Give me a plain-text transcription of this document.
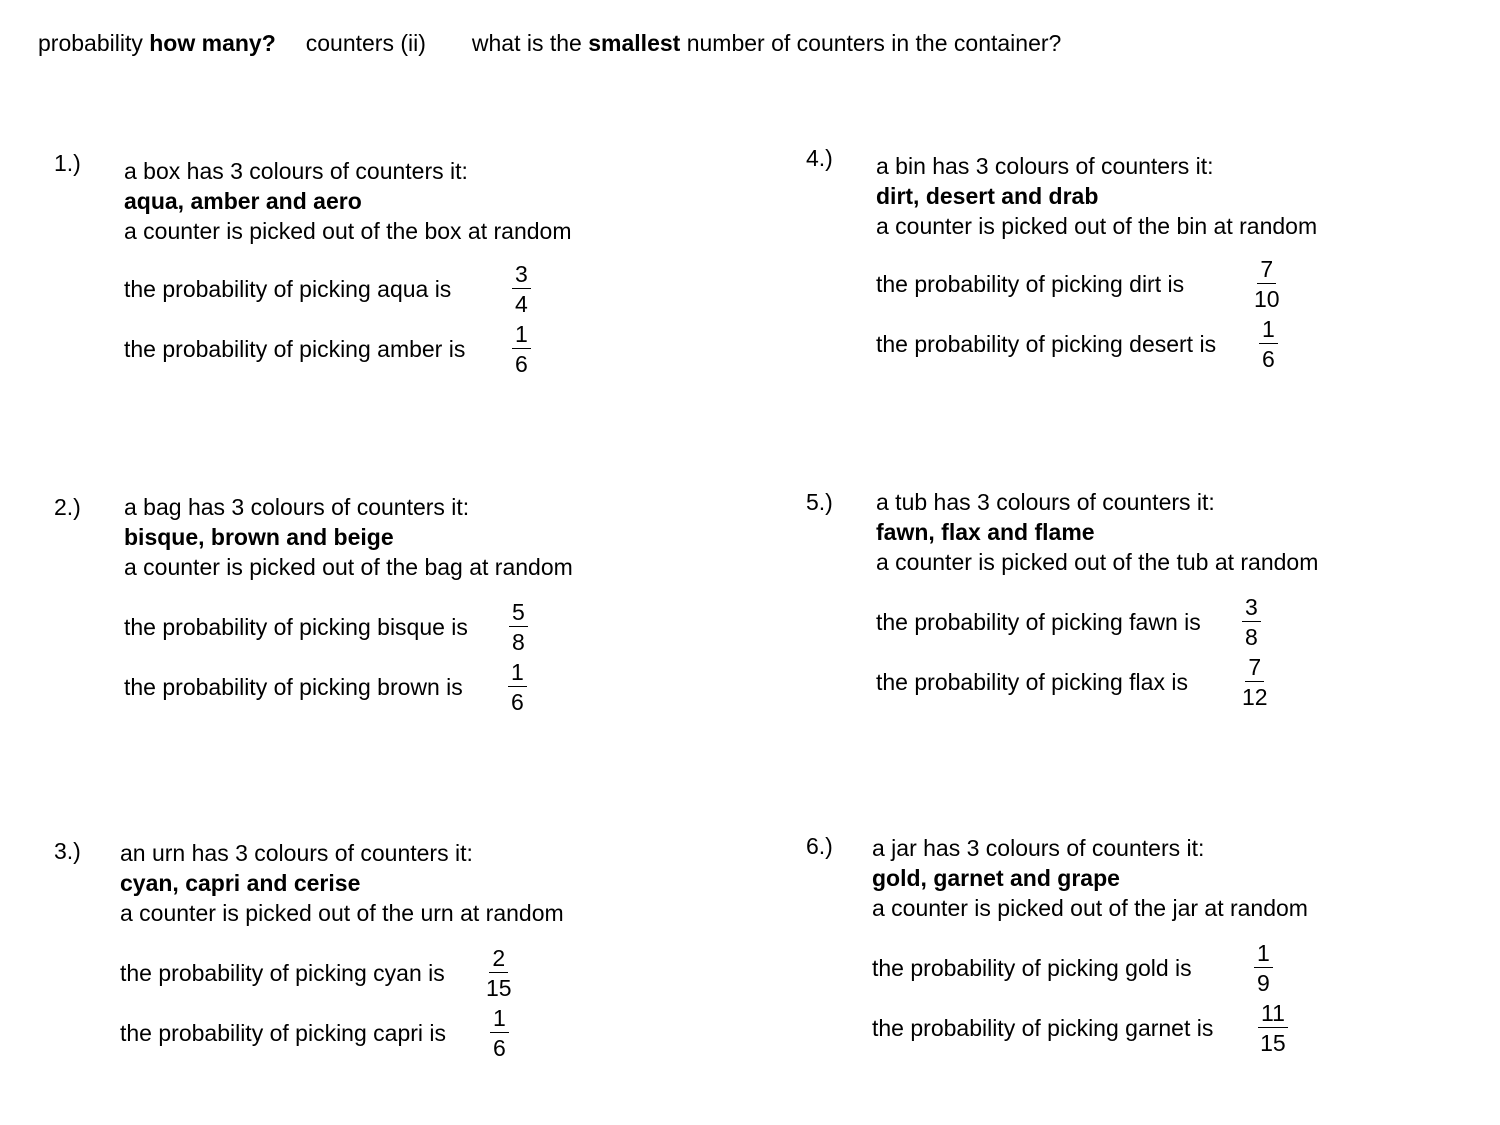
probability how many? counters (ii) what is the smallest number of counters in the container?
1.) a box has 3 colours of counters it:
aqua, amber and aero
a counter is picked out of the box at random
the probability of picking aqua is	$\frac{3}{4}$
the probability of picking amber is $\frac{1}{6}$
2.) a bag has 3 colours of counters it:
bisque, brown and beige
a counter is picked out of the bag at random
the probability of picking bisque is $\frac{5}{8}$
the probability of picking brown is $\frac{1}{6}$
3.) an urn has 3 colours of counters it:
cyan, capri and cerise
a counter is picked out of the urn at random
the probability of picking cyan is $\frac{2}{15}$
the probability of picking capri is $\frac{1}{6}$
4.) a bin has 3 colours of counters it:
dirt, desert and drab
a counter is picked out of the bin at random
the probability of picking dirt is	$\frac{7}{10}$
the probability of picking desert is $\frac{1}{6}$
5.) a tub has 3 colours of counters it:
fawn, flax and flame
a counter is picked out of the tub at random
the probability of picking fawn is $\frac{3}{8}$
the probability of picking flax is $\frac{7}{12}$
6.) a jar has 3 colours of counters it:
gold, garnet and grape
a counter is picked out of the jar at random
the probability of picking gold is	$\frac{1}{9}$
the probability of picking garnet is $\frac{11}{15}$
